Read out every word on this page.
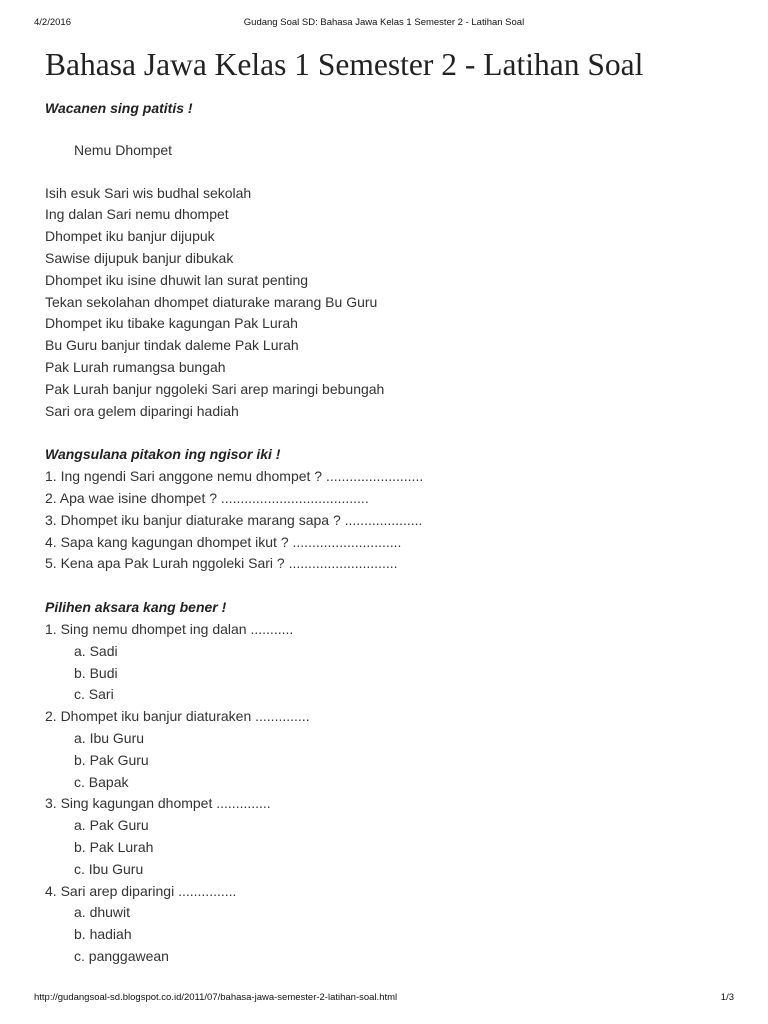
4/2/2016	Gudang Soal SD: Bahasa Jawa Kelas 1 Semester 2 - Latihan Soal
Bahasa Jawa Kelas 1 Semester 2 - Latihan Soal
Wacanen sing patitis !
Nemu Dhompet
Isih esuk Sari wis budhal sekolah
Ing dalan Sari nemu dhompet
Dhompet iku banjur dijupuk
Sawise dijupuk banjur dibukak
Dhompet iku isine dhuwit lan surat penting
Tekan sekolahan dhompet diaturake marang Bu Guru
Dhompet iku tibake kagungan Pak Lurah
Bu Guru banjur tindak daleme Pak Lurah
Pak Lurah rumangsa bungah
Pak Lurah banjur nggoleki Sari arep maringi bebungah
Sari ora gelem diparingi hadiah
Wangsulana pitakon ing ngisor iki !
1. Ing ngendi Sari anggone nemu dhompet ? .........................
2. Apa wae isine dhompet ? ......................................
3. Dhompet iku banjur diaturake marang sapa ? ....................
4. Sapa kang kagungan dhompet ikut ? ............................
5. Kena apa Pak Lurah nggoleki Sari ? ............................
Pilihen aksara kang bener !
1. Sing nemu dhompet ing dalan ...........
a. Sadi
b. Budi
c. Sari
2. Dhompet iku banjur diaturaken ..............
a. Ibu Guru
b. Pak Guru
c. Bapak
3. Sing kagungan dhompet ..............
a. Pak Guru
b. Pak Lurah
c. Ibu Guru
4. Sari arep diparingi ...............
a. dhuwit
b. hadiah
c. panggawean
http://gudangsoal-sd.blogspot.co.id/2011/07/bahasa-jawa-semester-2-latihan-soal.html	1/3
